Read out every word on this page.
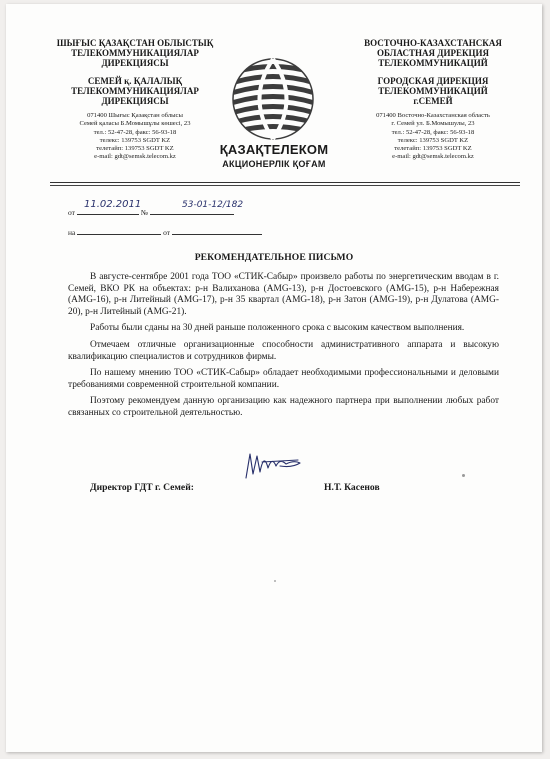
ШЫҒЫС ҚАЗАҚСТАН ОБЛЫСТЫҚ
ТЕЛЕКОММУНИКАЦИЯЛАР
ДИРЕКЦИЯСЫ
СЕМЕЙ қ. ҚАЛАЛЫҚ
ТЕЛЕКОММУНИКАЦИЯЛАР
ДИРЕКЦИЯСЫ
071400 Шығыс Қазақстан облысы
Семей қаласы Б.Момышұлы көшесі, 23
тел.: 52-47-28, факс: 56-93-18
телекс: 139753 SGDT KZ
телетайп: 139753 SGDT KZ
e-mail: gdt@semsk.telecom.kz	ҚАЗАҚТЕЛЕКОМ
АКЦИОНЕРЛІК ҚОҒАМ
ВОСТОЧНО-КАЗАХСТАНСКАЯ
ОБЛАСТНАЯ ДИРЕКЦИЯ
ТЕЛЕКОММУНИКАЦИЙ
ГОРОДСКАЯ ДИРЕКЦИЯ
ТЕЛЕКОММУНИКАЦИЙ
г.СЕМЕЙ
071400 Восточно-Казахстанская область
г. Семей ул. Б.Момышулы, 23
тел.: 52-47-28, факс: 56-93-18
телекс: 139753 SGDT KZ
телетайп: 139753 SGDT KZ
e-mail: gdt@semsk.telecom.kz
от	№
11.02.2011	53-01-12/182
на	от
РЕКОМЕНДАТЕЛЬНОЕ ПИСЬМО

В августе-сентябре 2001 года ТОО «СТИК-Сабыр» произвело работы по энергетическим вводам в г. Семей, ВКО РК на объектах: р-н Валиханова (AMG-13), р-н Достоевского (AMG-15), р-н Набережная (AMG-16), р-н Литейный (AMG-17), р-н 35 квартал (AMG-18), р-н Затон (AMG-19), р-н Дулатова (AMG-20), р-н Литейный (AMG-21).

Работы были сданы на 30 дней раньше положенного срока с высоким качеством выполнения.

Отмечаем отличные организационные способности административного аппарата и высокую квалификацию специалистов и сотрудников фирмы.

По нашему мнению ТОО «СТИК-Сабыр» обладает необходимыми профессиональными и деловыми требованиями современной строительной компании.

Поэтому рекомендуем данную организацию как надежного партнера при выполнении любых работ связанных со строительной деятельностью.

Директор ГДТ г. Семей:	Н.Т. Касенов
